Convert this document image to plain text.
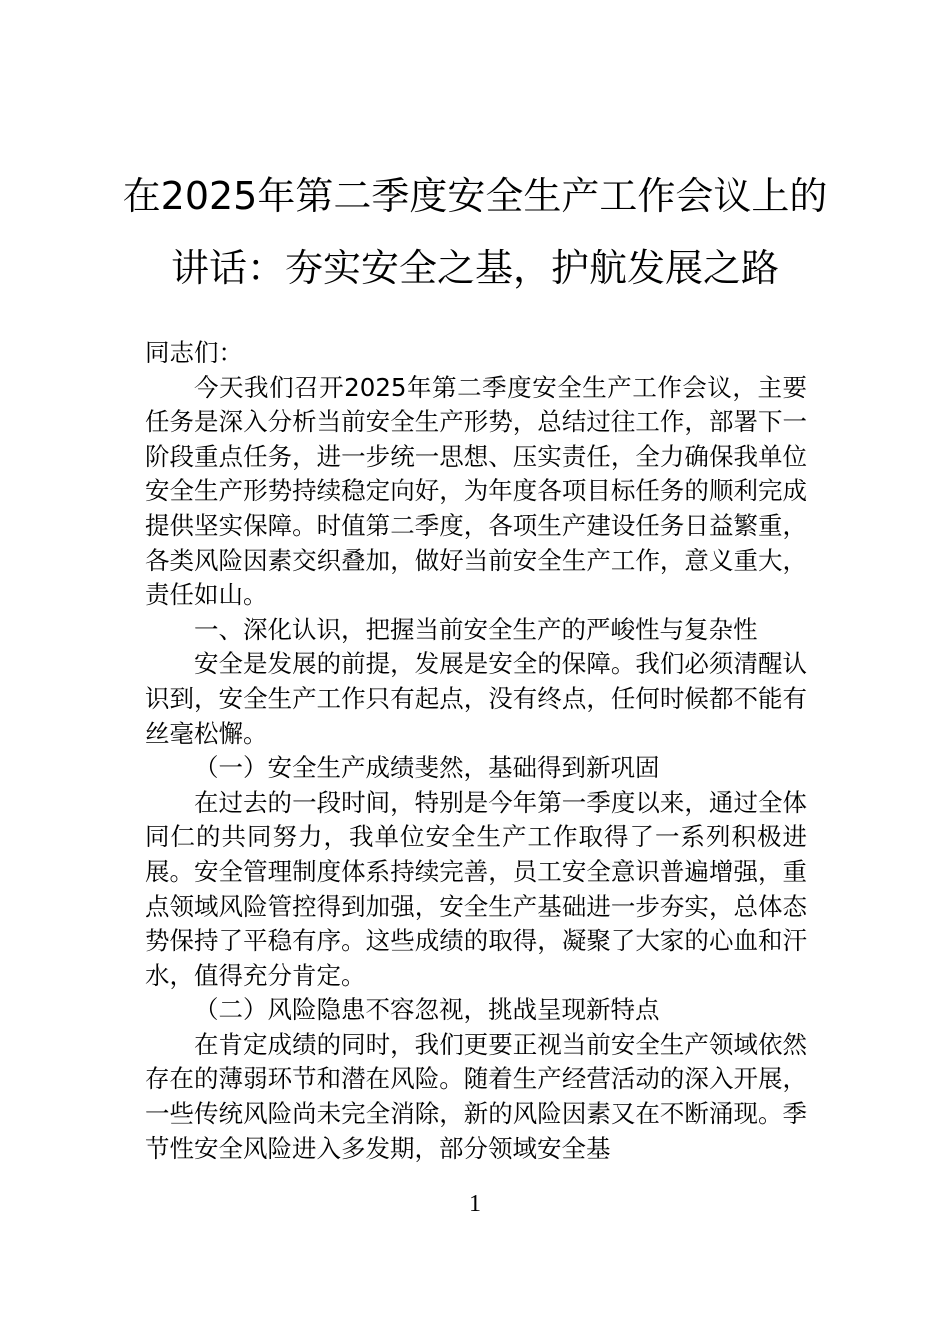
在2025年第二季度安全生产工作会议上的
讲话：夯实安全之基，护航发展之路

同志们：

今天我们召开2025年第二季度安全生产工作会议，主要任务是深入分析当前安全生产形势，总结过往工作，部署下一阶段重点任务，进一步统一思想、压实责任，全力确保我单位安全生产形势持续稳定向好，为年度各项目标任务的顺利完成提供坚实保障。时值第二季度，各项生产建设任务日益繁重，各类风险因素交织叠加，做好当前安全生产工作，意义重大，责任如山。

一、深化认识，把握当前安全生产的严峻性与复杂性

安全是发展的前提，发展是安全的保障。我们必须清醒认识到，安全生产工作只有起点，没有终点，任何时候都不能有丝毫松懈。

（一）安全生产成绩斐然，基础得到新巩固

在过去的一段时间，特别是今年第一季度以来，通过全体同仁的共同努力，我单位安全生产工作取得了一系列积极进展。安全管理制度体系持续完善，员工安全意识普遍增强，重点领域风险管控得到加强，安全生产基础进一步夯实，总体态势保持了平稳有序。这些成绩的取得，凝聚了大家的心血和汗水，值得充分肯定。

（二）风险隐患不容忽视，挑战呈现新特点

在肯定成绩的同时，我们更要正视当前安全生产领域依然存在的薄弱环节和潜在风险。随着生产经营活动的深入开展，一些传统风险尚未完全消除，新的风险因素又在不断涌现。季节性安全风险进入多发期，部分领域安全基

1
